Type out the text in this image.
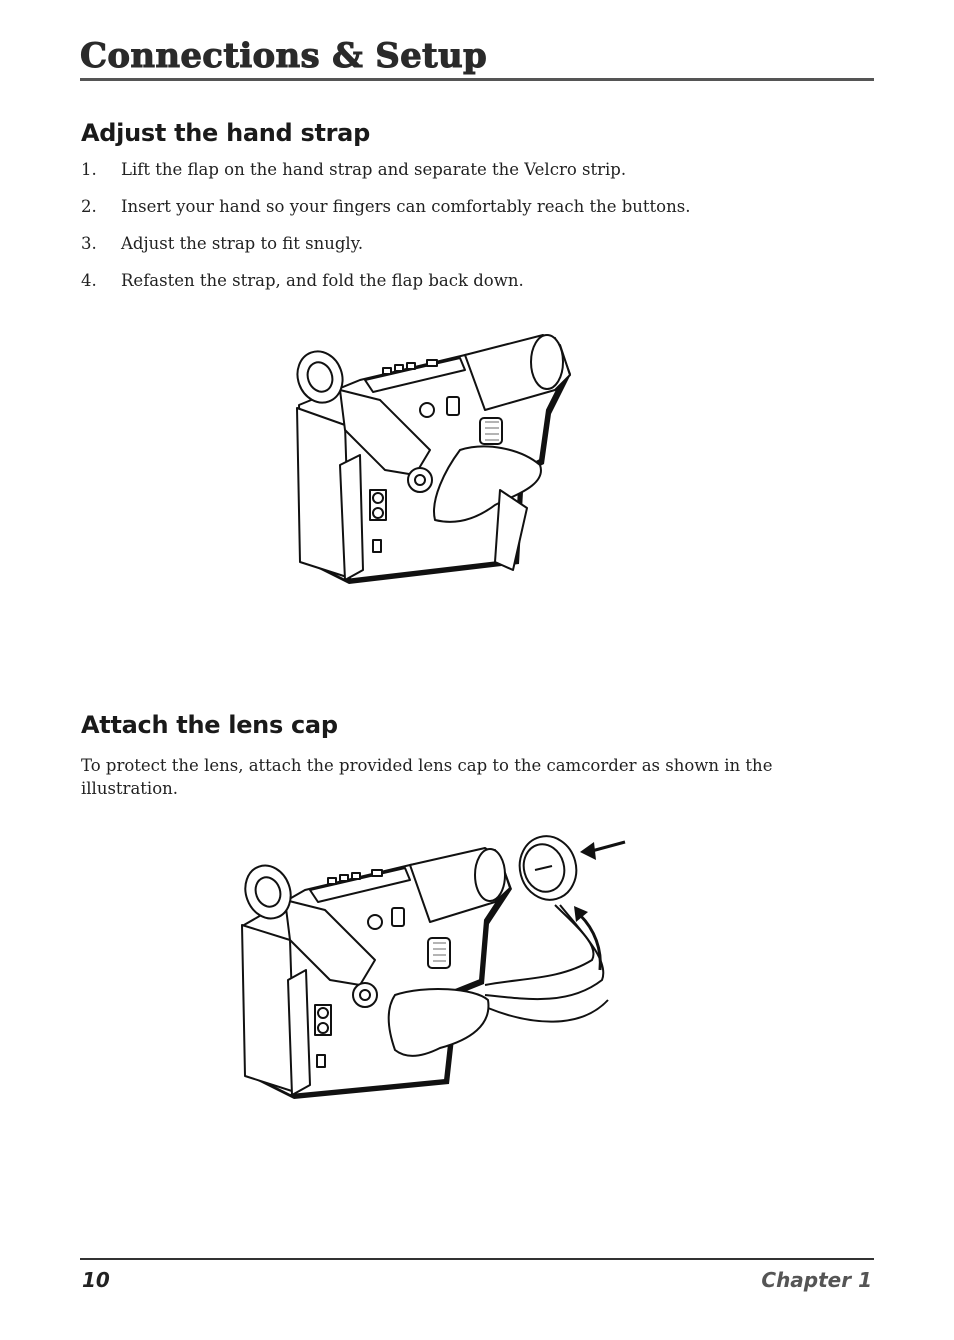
Connections & Setup
Adjust the hand strap
1. Lift the flap on the hand strap and separate the Velcro strip.
2. Insert your hand so your fingers can comfortably reach the buttons.
3. Adjust the strap to fit snugly.
4. Refasten the strap, and fold the flap back down.
Attach the lens cap

To protect the lens, attach the provided lens cap to the camcorder as shown in the illustration.

10	Chapter 1
